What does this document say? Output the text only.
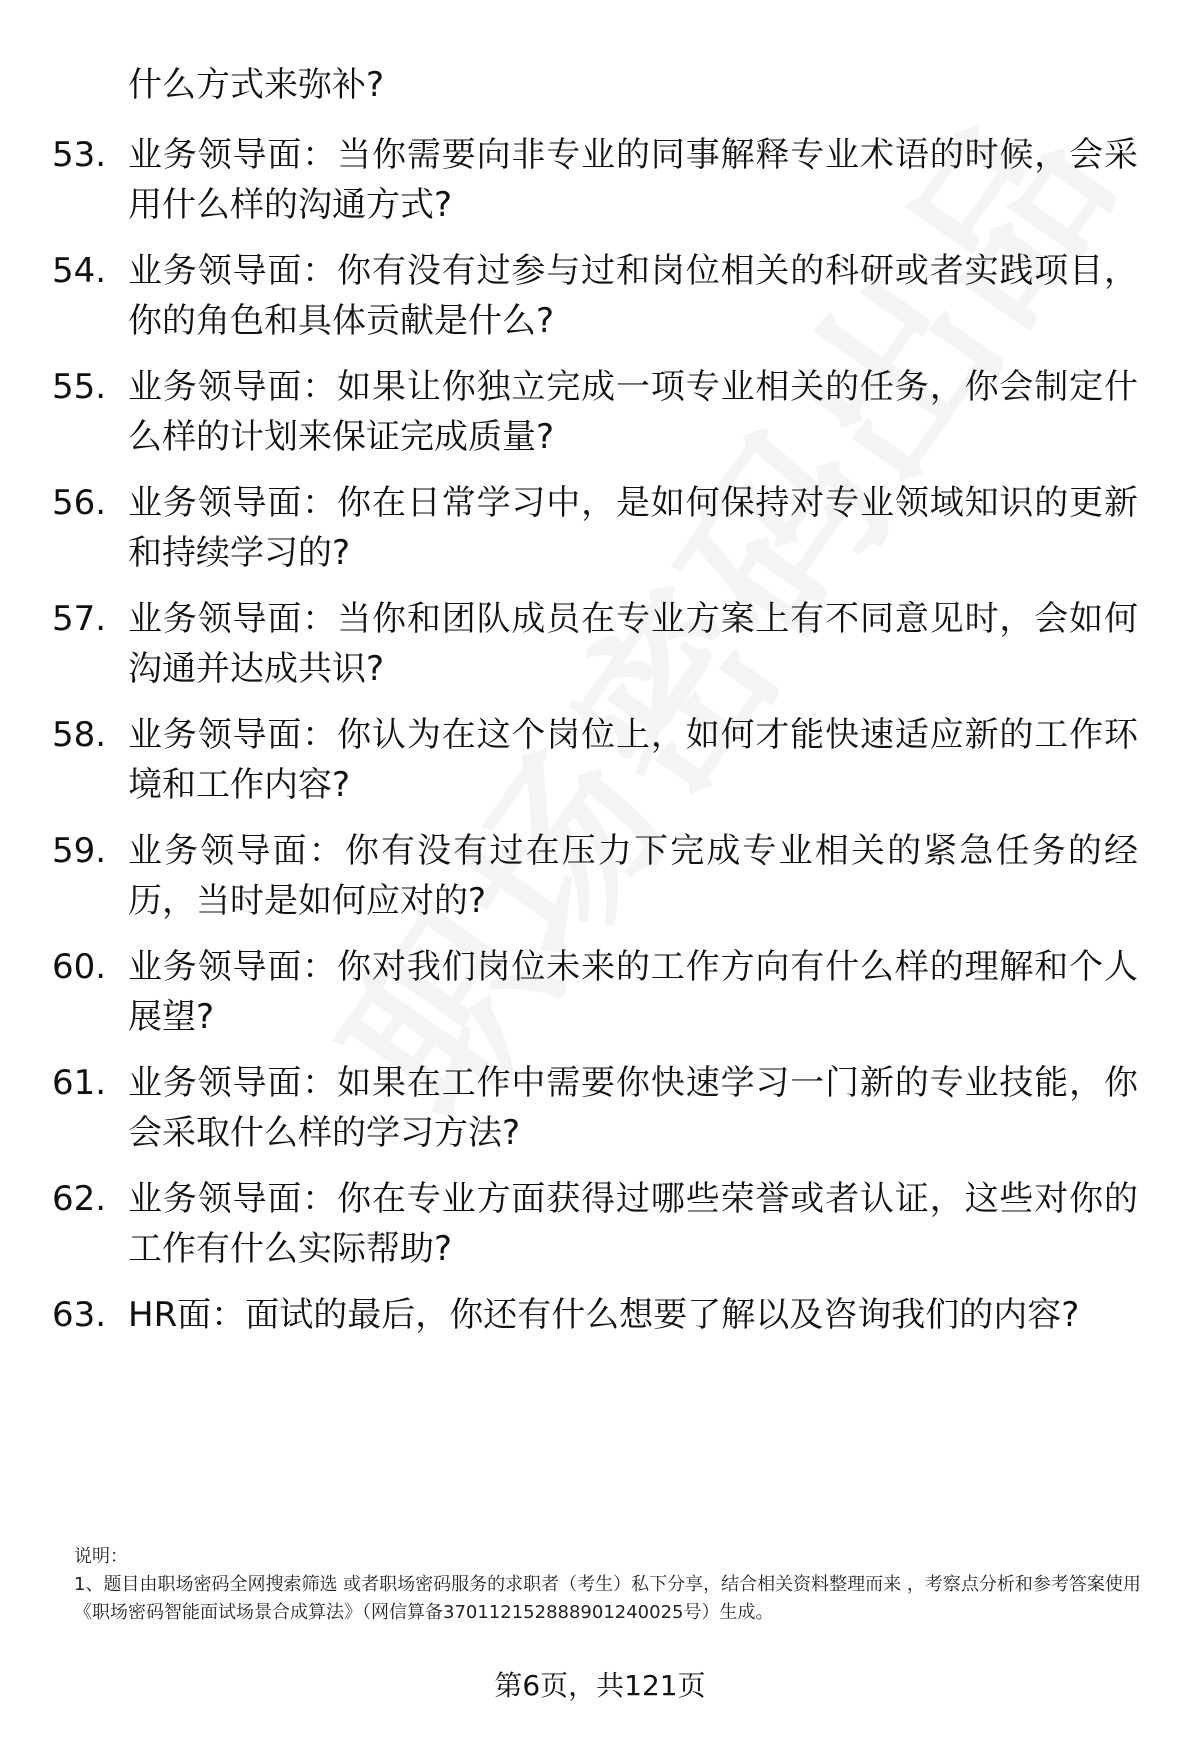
什么方式来弥补?

53. 业务领导面：当你需要向非专业的同事解释专业术语的时候，会采用什么样的沟通方式?
54. 业务领导面：你有没有过参与过和岗位相关的科研或者实践项目，你的角色和具体贡献是什么?
55. 业务领导面：如果让你独立完成一项专业相关的任务，你会制定什么样的计划来保证完成质量?
56. 业务领导面：你在日常学习中，是如何保持对专业领域知识的更新和持续学习的?
57. 业务领导面：当你和团队成员在专业方案上有不同意见时，会如何沟通并达成共识?
58. 业务领导面：你认为在这个岗位上，如何才能快速适应新的工作环境和工作内容?
59. 业务领导面：你有没有过在压力下完成专业相关的紧急任务的经历，当时是如何应对的?
60. 业务领导面：你对我们岗位未来的工作方向有什么样的理解和个人展望?
61. 业务领导面：如果在工作中需要你快速学习一门新的专业技能，你会采取什么样的学习方法?
62. 业务领导面：你在专业方面获得过哪些荣誉或者认证，这些对你的工作有什么实际帮助?
63. HR面：面试的最后，你还有什么想要了解以及咨询我们的内容?

说明：

1、题目由职场密码全网搜索筛选 或者职场密码服务的求职者（考生）私下分享，结合相关资料整理而来 ，考察点分析和参考答案使用《职场密码智能面试场景合成算法》（网信算备370112152888901240025号）生成。

第6页，共121页
